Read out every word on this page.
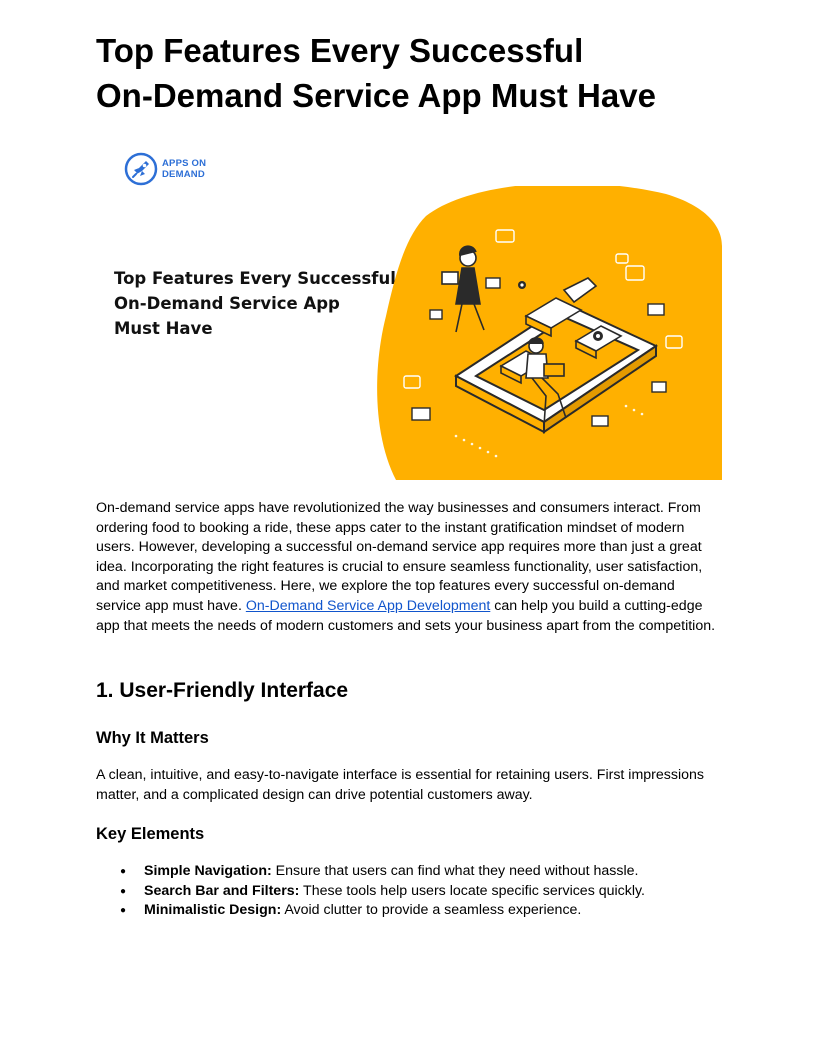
Top Features Every Successful
On-Demand Service App Must Have
APPS ON
DEMAND
Top Features Every Successful
On-Demand Service App
Must Have

On-demand service apps have revolutionized the way businesses and consumers interact. From ordering food to booking a ride, these apps cater to the instant gratification mindset of modern users. However, developing a successful on-demand service app requires more than just a great idea. Incorporating the right features is crucial to ensure seamless functionality, user satisfaction, and market competitiveness. Here, we explore the top features every successful on-demand service app must have. On-Demand Service App Development can help you build a cutting-edge app that meets the needs of modern customers and sets your business apart from the competition.

1. User-Friendly Interface
Why It Matters

A clean, intuitive, and easy-to-navigate interface is essential for retaining users. First impressions matter, and a complicated design can drive potential customers away.

Key Elements
● Simple Navigation: Ensure that users can find what they need without hassle.
● Search Bar and Filters: These tools help users locate specific services quickly.
● Minimalistic Design: Avoid clutter to provide a seamless experience.
